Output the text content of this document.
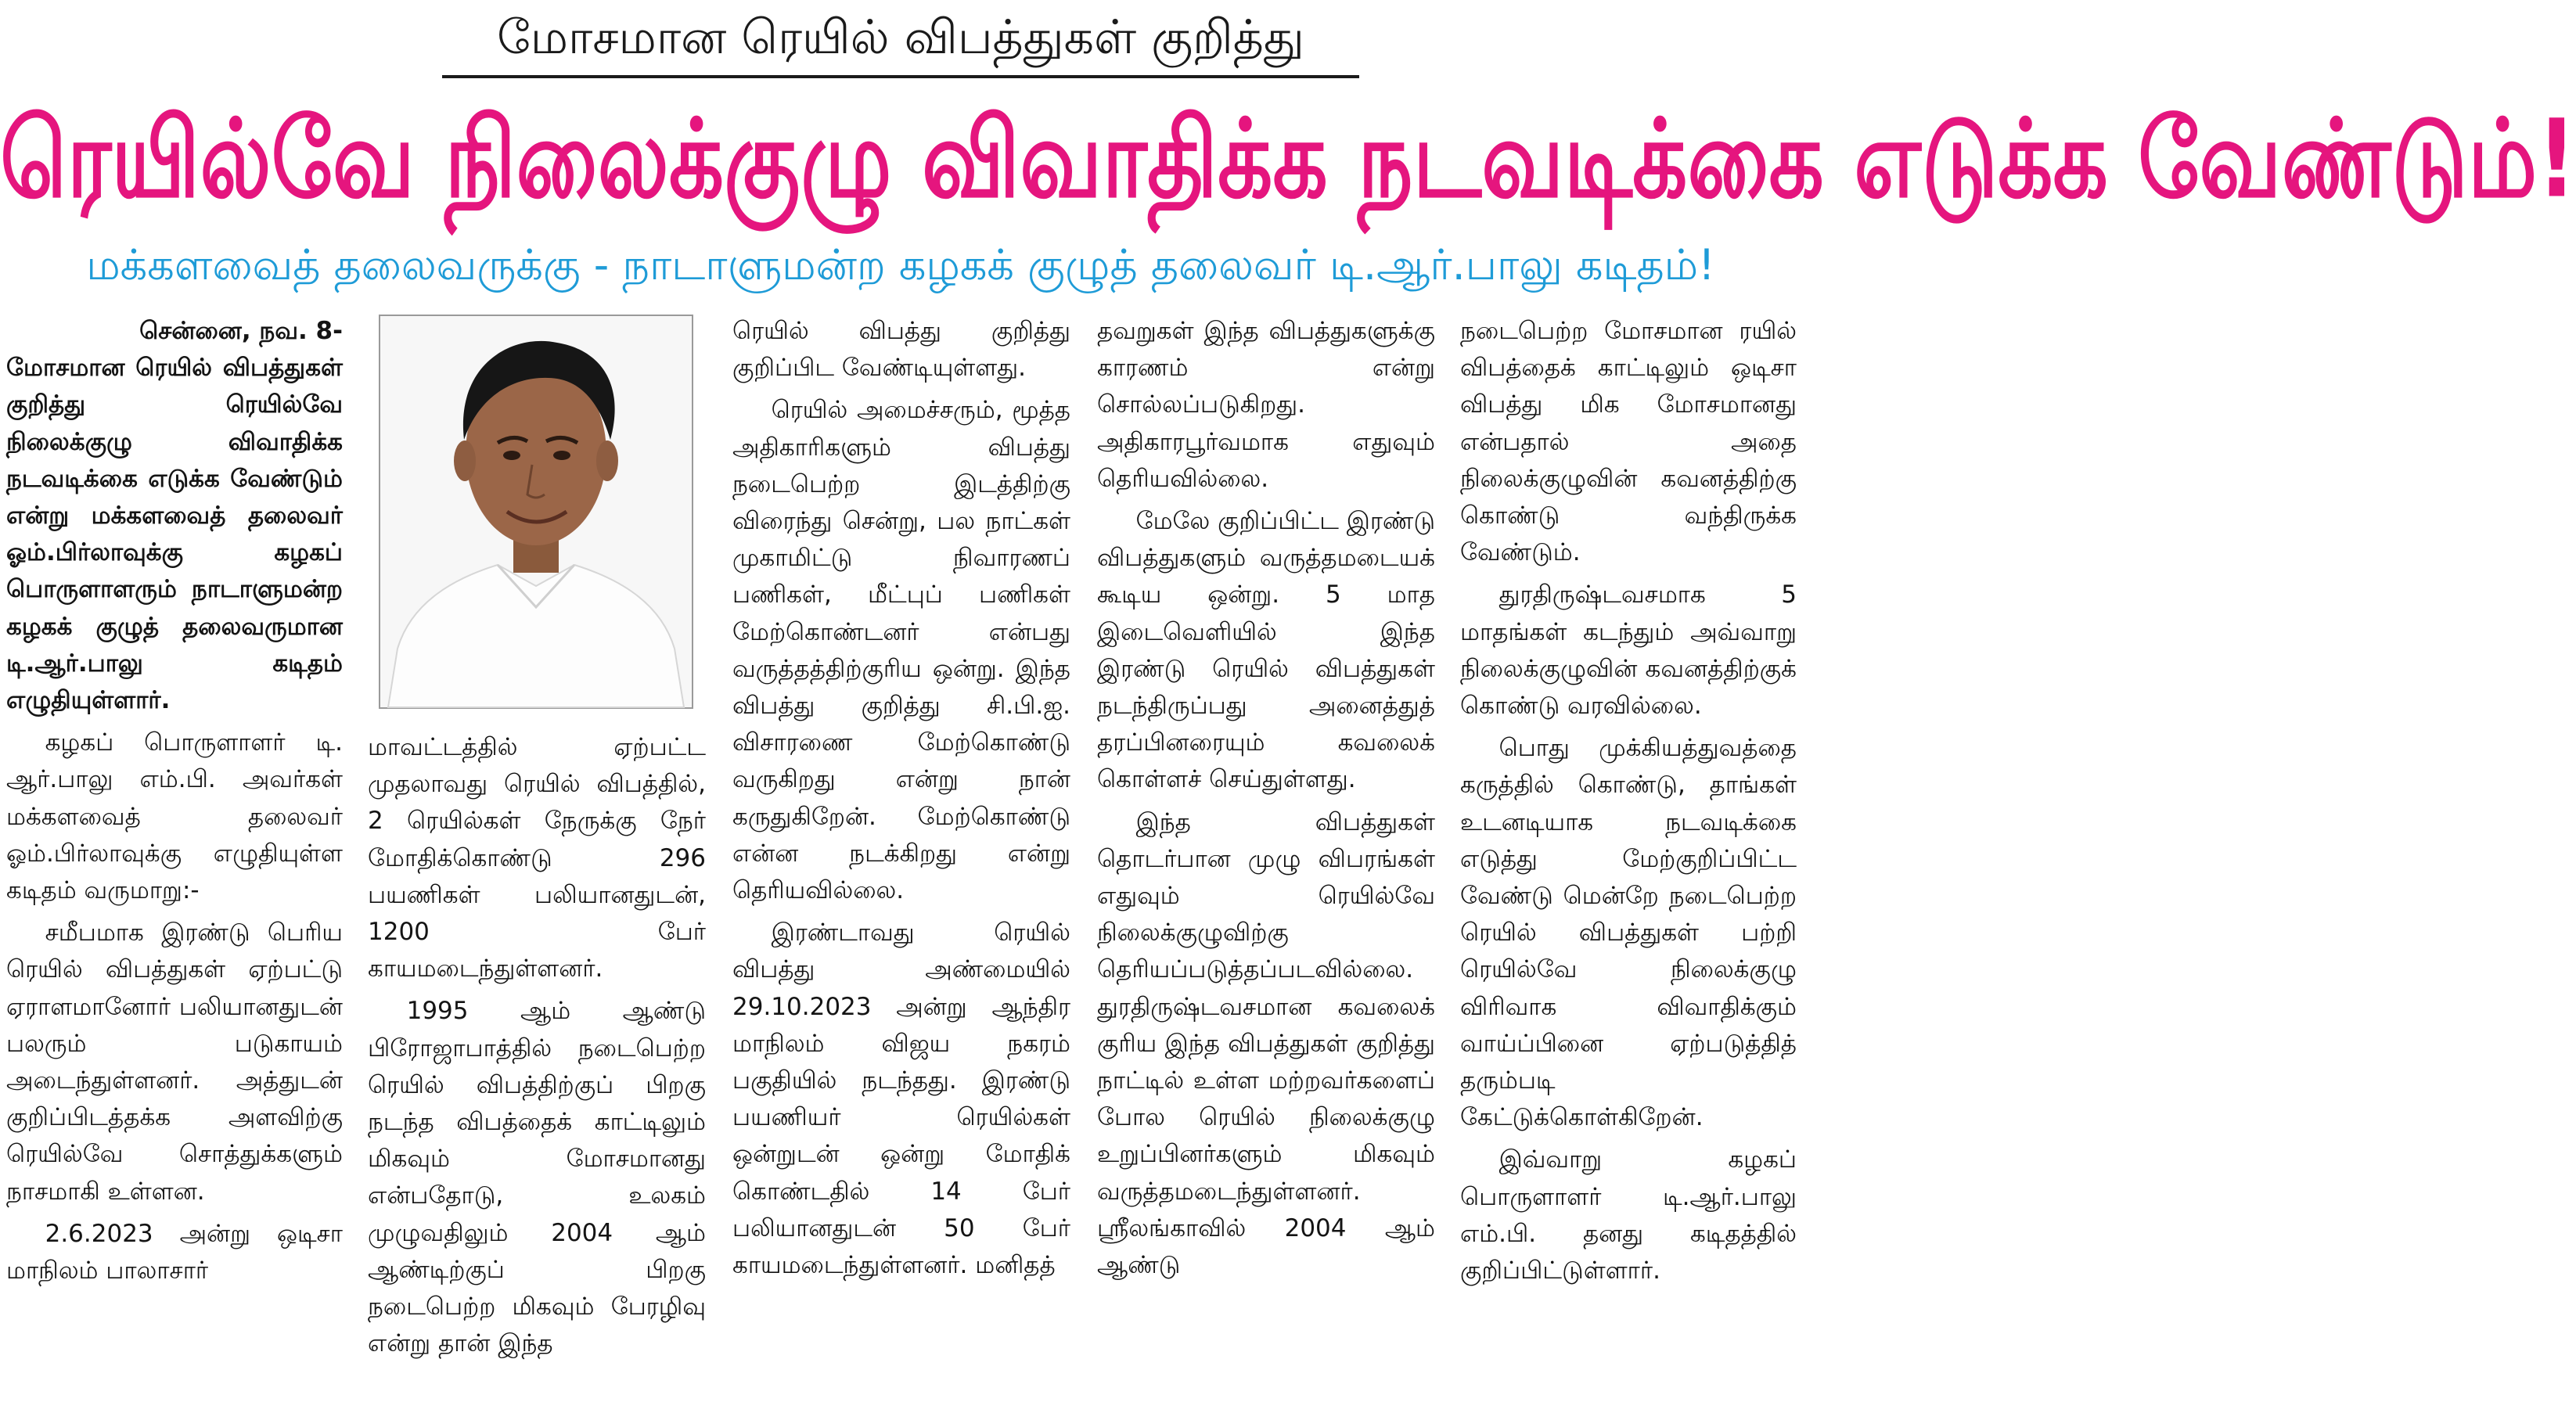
மோசமான ரெயில் விபத்துகள் குறித்து
ரெயில்வே நிலைக்குழு விவாதிக்க நடவடிக்கை எடுக்க வேண்டும்!
மக்களவைத் தலைவருக்கு - நாடாளுமன்ற கழகக் குழுத் தலைவர் டி.ஆர்.பாலு கடிதம்!

சென்னை, நவ. 8-
மோசமான ரெயில் விபத்துகள் குறித்து ரெயில்வே நிலைக்குழு விவாதிக்க நடவடிக்கை எடுக்க வேண்டும் என்று மக்களவைத் தலைவர் ஓம்.பிர்லாவுக்கு கழகப் பொருளாளரும் நாடாளுமன்ற கழகக் குழுத் தலைவருமான டி.ஆர்.பாலு கடிதம் எழுதியுள்ளார்.

கழகப் பொருளாளர் டி. ஆர்.பாலு எம்.பி. அவர்கள் மக்களவைத் தலைவர் ஓம்.பிர்லாவுக்கு எழுதியுள்ள கடிதம் வருமாறு:-

சமீபமாக இரண்டு பெரிய ரெயில் விபத்துகள் ஏற்பட்டு ஏராளமானோர் பலியானதுடன் பலரும் படுகாயம் அடைந்துள்ளனர். அத்துடன் குறிப்பிடத்தக்க அளவிற்கு ரெயில்வே சொத்துக்களும் நாசமாகி உள்ளன.

2.6.2023 அன்று ஒடிசா மாநிலம் பாலாசார்

மாவட்டத்தில் ஏற்பட்ட முதலாவது ரெயில் விபத்தில், 2 ரெயில்கள் நேருக்கு நேர் மோதிக்கொண்டு 296 பயணிகள் பலியானதுடன், 1200 பேர் காயமடைந்துள்ளனர்.

1995 ஆம் ஆண்டு பிரோஜாபாத்தில் நடைபெற்ற ரெயில் விபத்திற்குப் பிறகு நடந்த விபத்தைக் காட்டிலும் மிகவும் மோசமானது என்பதோடு, உலகம் முழுவதிலும் 2004 ஆம் ஆண்டிற்குப் பிறகு நடைபெற்ற மிகவும் பேரழிவு என்று தான் இந்த

ரெயில் விபத்து குறித்து குறிப்பிட வேண்டியுள்ளது.

ரெயில் அமைச்சரும், மூத்த அதிகாரிகளும் விபத்து நடைபெற்ற இடத்திற்கு விரைந்து சென்று, பல நாட்கள் முகாமிட்டு நிவாரணப் பணிகள், மீட்புப் பணிகள் மேற்கொண்டனர் என்பது வருத்தத்திற்குரிய ஒன்று. இந்த விபத்து குறித்து சி.பி.ஐ. விசாரணை மேற்கொண்டு வருகிறது என்று நான் கருதுகிறேன். மேற்கொண்டு என்ன நடக்கிறது என்று தெரியவில்லை.

இரண்டாவது ரெயில் விபத்து அண்மையில் 29.10.2023 அன்று ஆந்திர மாநிலம் விஜய நகரம் பகுதியில் நடந்தது. இரண்டு பயணியர் ரெயில்கள் ஒன்றுடன் ஒன்று மோதிக் கொண்டதில் 14 பேர் பலியானதுடன் 50 பேர் காயமடைந்துள்ளனர். மனிதத்

தவறுகள் இந்த விபத்துகளுக்கு காரணம் என்று சொல்லப்படுகிறது. அதிகாரபூர்வமாக எதுவும் தெரியவில்லை.

மேலே குறிப்பிட்ட இரண்டு விபத்துகளும் வருத்தமடையக் கூடிய ஒன்று. 5 மாத இடைவெளியில் இந்த இரண்டு ரெயில் விபத்துகள் நடந்திருப்பது அனைத்துத் தரப்பினரையும் கவலைக் கொள்ளச் செய்துள்ளது.

இந்த விபத்துகள் தொடர்பான முழு விபரங்கள் எதுவும் ரெயில்வே நிலைக்குழுவிற்கு தெரியப்படுத்தப்படவில்லை. துரதிருஷ்டவசமான கவலைக் குரிய இந்த விபத்துகள் குறித்து நாட்டில் உள்ள மற்றவர்களைப் போல ரெயில் நிலைக்குழு உறுப்பினர்களும் மிகவும் வருத்தமடைந்துள்ளனர். ஸ்ரீலங்காவில் 2004 ஆம் ஆண்டு

நடைபெற்ற மோசமான ரயில் விபத்தைக் காட்டிலும் ஒடிசா விபத்து மிக மோசமானது என்பதால் அதை நிலைக்குழுவின் கவனத்திற்கு கொண்டு வந்திருக்க வேண்டும்.

துரதிருஷ்டவசமாக 5 மாதங்கள் கடந்தும் அவ்வாறு நிலைக்குழுவின் கவனத்திற்குக் கொண்டு வரவில்லை.

பொது முக்கியத்துவத்தை கருத்தில் கொண்டு, தாங்கள் உடனடியாக நடவடிக்கை எடுத்து மேற்குறிப்பிட்ட வேண்டு மென்றே நடைபெற்ற ரெயில் விபத்துகள் பற்றி ரெயில்வே நிலைக்குழு விரிவாக விவாதிக்கும் வாய்ப்பினை ஏற்படுத்தித் தரும்படி கேட்டுக்கொள்கிறேன்.

இவ்வாறு கழகப் பொருளாளர் டி.ஆர்.பாலு எம்.பி. தனது கடிதத்தில் குறிப்பிட்டுள்ளார்.
